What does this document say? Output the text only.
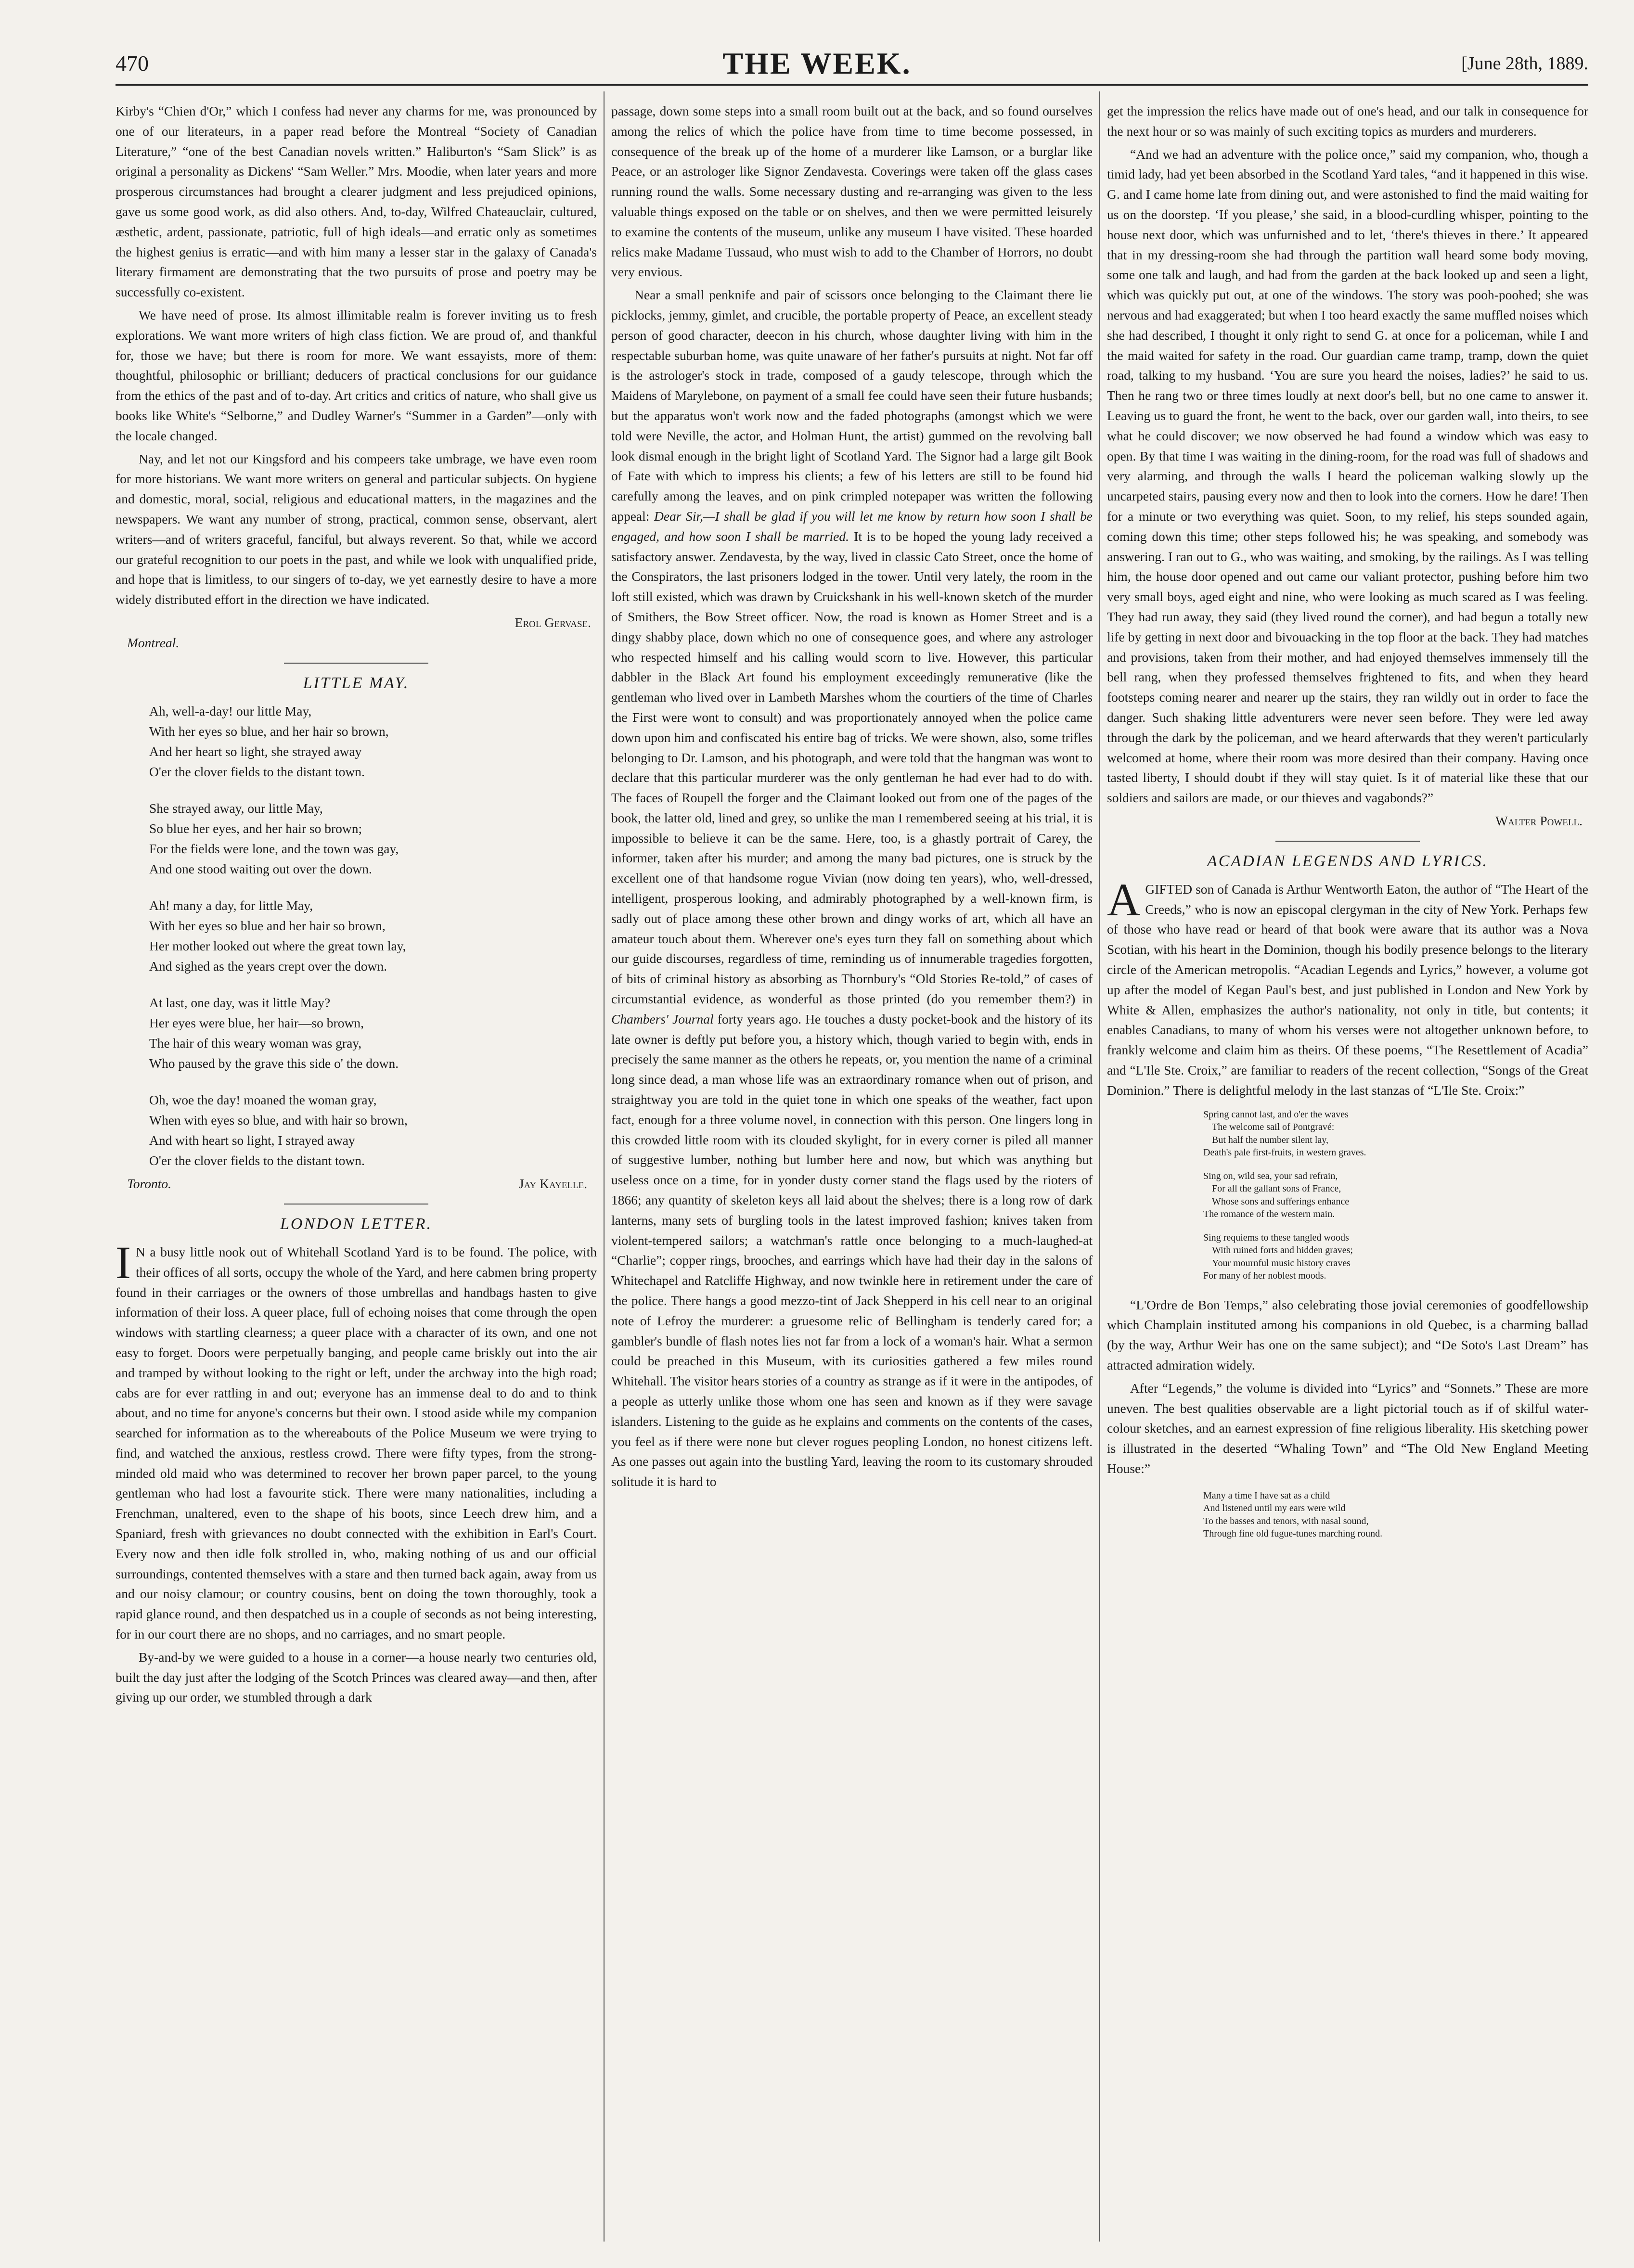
470	THE WEEK.	[June 28th, 1889.

Kirby's “Chien d'Or,” which I confess had never any charms for me, was pronounced by one of our literateurs, in a paper read before the Montreal “Society of Canadian Literature,” “one of the best Canadian novels written.” Haliburton's “Sam Slick” is as original a personality as Dickens' “Sam Weller.” Mrs. Moodie, when later years and more prosperous circumstances had brought a clearer judgment and less prejudiced opinions, gave us some good work, as did also others. And, to-day, Wilfred Chateauclair, cultured, æsthetic, ardent, passionate, patriotic, full of high ideals—and erratic only as sometimes the highest genius is erratic—and with him many a lesser star in the galaxy of Canada's literary firmament are demonstrating that the two pursuits of prose and poetry may be successfully co-existent.

We have need of prose. Its almost illimitable realm is forever inviting us to fresh explorations. We want more writers of high class fiction. We are proud of, and thankful for, those we have; but there is room for more. We want essayists, more of them: thoughtful, philosophic or brilliant; deducers of practical conclusions for our guidance from the ethics of the past and of to-day. Art critics and critics of nature, who shall give us books like White's “Selborne,” and Dudley Warner's “Summer in a Garden”—only with the locale changed.

Nay, and let not our Kingsford and his compeers take umbrage, we have even room for more historians. We want more writers on general and particular subjects. On hygiene and domestic, moral, social, religious and educational matters, in the magazines and the newspapers. We want any number of strong, practical, common sense, observant, alert writers—and of writers graceful, fanciful, but always reverent. So that, while we accord our grateful recognition to our poets in the past, and while we look with unqualified pride, and hope that is limitless, to our singers of to-day, we yet earnestly desire to have a more widely distributed effort in the direction we have indicated.

Erol Gervase.
Montreal.
LITTLE MAY.
Ah, well-a-day! our little May,
With her eyes so blue, and her hair so brown,
And her heart so light, she strayed away
O'er the clover fields to the distant town.
She strayed away, our little May,
So blue her eyes, and her hair so brown;
For the fields were lone, and the town was gay,
And one stood waiting out over the down.
Ah! many a day, for little May,
With her eyes so blue and her hair so brown,
Her mother looked out where the great town lay,
And sighed as the years crept over the down.
At last, one day, was it little May?
Her eyes were blue, her hair—so brown,
The hair of this weary woman was gray,
Who paused by the grave this side o' the down.
Oh, woe the day! moaned the woman gray,
When with eyes so blue, and with hair so brown,
And with heart so light, I strayed away
O'er the clover fields to the distant town.
Toronto.	Jay Kayelle.
LONDON LETTER.

I N a busy little nook out of Whitehall Scotland Yard is to be found. The police, with their offices of all sorts, occupy the whole of the Yard, and here cabmen bring property found in their carriages or the owners of those umbrellas and handbags hasten to give information of their loss. A queer place, full of echoing noises that come through the open windows with startling clearness; a queer place with a character of its own, and one not easy to forget. Doors were perpetually banging, and people came briskly out into the air and tramped by without looking to the right or left, under the archway into the high road; cabs are for ever rattling in and out; everyone has an immense deal to do and to think about, and no time for anyone's concerns but their own. I stood aside while my companion searched for information as to the whereabouts of the Police Museum we were trying to find, and watched the anxious, restless crowd. There were fifty types, from the strong-minded old maid who was determined to recover her brown paper parcel, to the young gentleman who had lost a favourite stick. There were many nationalities, including a Frenchman, unaltered, even to the shape of his boots, since Leech drew him, and a Spaniard, fresh with grievances no doubt connected with the exhibition in Earl's Court. Every now and then idle folk strolled in, who, making nothing of us and our official surroundings, contented themselves with a stare and then turned back again, away from us and our noisy clamour; or country cousins, bent on doing the town thoroughly, took a rapid glance round, and then despatched us in a couple of seconds as not being interesting, for in our court there are no shops, and no carriages, and no smart people.

By-and-by we were guided to a house in a corner—a house nearly two centuries old, built the day just after the lodging of the Scotch Princes was cleared away—and then, after giving up our order, we stumbled through a dark

passage, down some steps into a small room built out at the back, and so found ourselves among the relics of which the police have from time to time become possessed, in consequence of the break up of the home of a murderer like Lamson, or a burglar like Peace, or an astrologer like Signor Zendavesta. Coverings were taken off the glass cases running round the walls. Some necessary dusting and re-arranging was given to the less valuable things exposed on the table or on shelves, and then we were permitted leisurely to examine the contents of the museum, unlike any museum I have visited. These hoarded relics make Madame Tussaud, who must wish to add to the Chamber of Horrors, no doubt very envious.

Near a small penknife and pair of scissors once belonging to the Claimant there lie picklocks, jemmy, gimlet, and crucible, the portable property of Peace, an excellent steady person of good character, deecon in his church, whose daughter living with him in the respectable suburban home, was quite unaware of her father's pursuits at night. Not far off is the astrologer's stock in trade, composed of a gaudy telescope, through which the Maidens of Marylebone, on payment of a small fee could have seen their future husbands; but the apparatus won't work now and the faded photographs (amongst which we were told were Neville, the actor, and Holman Hunt, the artist) gummed on the revolving ball look dismal enough in the bright light of Scotland Yard. The Signor had a large gilt Book of Fate with which to impress his clients; a few of his letters are still to be found hid carefully among the leaves, and on pink crimpled notepaper was written the following appeal: Dear Sir,—I shall be glad if you will let me know by return how soon I shall be engaged, and how soon I shall be married. It is to be hoped the young lady received a satisfactory answer. Zendavesta, by the way, lived in classic Cato Street, once the home of the Conspirators, the last prisoners lodged in the tower. Until very lately, the room in the loft still existed, which was drawn by Cruickshank in his well-known sketch of the murder of Smithers, the Bow Street officer. Now, the road is known as Homer Street and is a dingy shabby place, down which no one of consequence goes, and where any astrologer who respected himself and his calling would scorn to live. However, this particular dabbler in the Black Art found his employment exceedingly remunerative (like the gentleman who lived over in Lambeth Marshes whom the courtiers of the time of Charles the First were wont to consult) and was proportionately annoyed when the police came down upon him and confiscated his entire bag of tricks. We were shown, also, some trifles belonging to Dr. Lamson, and his photograph, and were told that the hangman was wont to declare that this particular murderer was the only gentleman he had ever had to do with. The faces of Roupell the forger and the Claimant looked out from one of the pages of the book, the latter old, lined and grey, so unlike the man I remembered seeing at his trial, it is impossible to believe it can be the same. Here, too, is a ghastly portrait of Carey, the informer, taken after his murder; and among the many bad pictures, one is struck by the excellent one of that handsome rogue Vivian (now doing ten years), who, well-dressed, intelligent, prosperous looking, and admirably photographed by a well-known firm, is sadly out of place among these other brown and dingy works of art, which all have an amateur touch about them. Wherever one's eyes turn they fall on something about which our guide discourses, regardless of time, reminding us of innumerable tragedies forgotten, of bits of criminal history as absorbing as Thornbury's “Old Stories Re-told,” of cases of circumstantial evidence, as wonderful as those printed (do you remember them?) in Chambers' Journal forty years ago. He touches a dusty pocket-book and the history of its late owner is deftly put before you, a history which, though varied to begin with, ends in precisely the same manner as the others he repeats, or, you mention the name of a criminal long since dead, a man whose life was an extraordinary romance when out of prison, and straightway you are told in the quiet tone in which one speaks of the weather, fact upon fact, enough for a three volume novel, in connection with this person. One lingers long in this crowded little room with its clouded skylight, for in every corner is piled all manner of suggestive lumber, nothing but lumber here and now, but which was anything but useless once on a time, for in yonder dusty corner stand the flags used by the rioters of 1866; any quantity of skeleton keys all laid about the shelves; there is a long row of dark lanterns, many sets of burgling tools in the latest improved fashion; knives taken from violent-tempered sailors; a watchman's rattle once belonging to a much-laughed-at “Charlie”; copper rings, brooches, and earrings which have had their day in the salons of Whitechapel and Ratcliffe Highway, and now twinkle here in retirement under the care of the police. There hangs a good mezzo-tint of Jack Shepperd in his cell near to an original note of Lefroy the murderer: a gruesome relic of Bellingham is tenderly cared for; a gambler's bundle of flash notes lies not far from a lock of a woman's hair. What a sermon could be preached in this Museum, with its curiosities gathered a few miles round Whitehall. The visitor hears stories of a country as strange as if it were in the antipodes, of a people as utterly unlike those whom one has seen and known as if they were savage islanders. Listening to the guide as he explains and comments on the contents of the cases, you feel as if there were none but clever rogues peopling London, no honest citizens left. As one passes out again into the bustling Yard, leaving the room to its customary shrouded solitude it is hard to

get the impression the relics have made out of one's head, and our talk in consequence for the next hour or so was mainly of such exciting topics as murders and murderers.

“And we had an adventure with the police once,” said my companion, who, though a timid lady, had yet been absorbed in the Scotland Yard tales, “and it happened in this wise. G. and I came home late from dining out, and were astonished to find the maid waiting for us on the doorstep. ‘If you please,’ she said, in a blood-curdling whisper, pointing to the house next door, which was unfurnished and to let, ‘there's thieves in there.’ It appeared that in my dressing-room she had through the partition wall heard some body moving, some one talk and laugh, and had from the garden at the back looked up and seen a light, which was quickly put out, at one of the windows. The story was pooh-poohed; she was nervous and had exaggerated; but when I too heard exactly the same muffled noises which she had described, I thought it only right to send G. at once for a policeman, while I and the maid waited for safety in the road. Our guardian came tramp, tramp, down the quiet road, talking to my husband. ‘You are sure you heard the noises, ladies?’ he said to us. Then he rang two or three times loudly at next door's bell, but no one came to answer it. Leaving us to guard the front, he went to the back, over our garden wall, into theirs, to see what he could discover; we now observed he had found a window which was easy to open. By that time I was waiting in the dining-room, for the road was full of shadows and very alarming, and through the walls I heard the policeman walking slowly up the uncarpeted stairs, pausing every now and then to look into the corners. How he dare! Then for a minute or two everything was quiet. Soon, to my relief, his steps sounded again, coming down this time; other steps followed his; he was speaking, and somebody was answering. I ran out to G., who was waiting, and smoking, by the railings. As I was telling him, the house door opened and out came our valiant protector, pushing before him two very small boys, aged eight and nine, who were looking as much scared as I was feeling. They had run away, they said (they lived round the corner), and had begun a totally new life by getting in next door and bivouacking in the top floor at the back. They had matches and provisions, taken from their mother, and had enjoyed themselves immensely till the bell rang, when they professed themselves frightened to fits, and when they heard footsteps coming nearer and nearer up the stairs, they ran wildly out in order to face the danger. Such shaking little adventurers were never seen before. They were led away through the dark by the policeman, and we heard afterwards that they weren't particularly welcomed at home, where their room was more desired than their company. Having once tasted liberty, I should doubt if they will stay quiet. Is it of material like these that our soldiers and sailors are made, or our thieves and vagabonds?”

Walter Powell.
ACADIAN LEGENDS AND LYRICS.

AGIFTED son of Canada is Arthur Wentworth Eaton, the author of “The Heart of the Creeds,” who is now an episcopal clergyman in the city of New York. Perhaps few of those who have read or heard of that book were aware that its author was a Nova Scotian, with his heart in the Dominion, though his bodily presence belongs to the literary circle of the American metropolis. “Acadian Legends and Lyrics,” however, a volume got up after the model of Kegan Paul's best, and just published in London and New York by White & Allen, emphasizes the author's nationality, not only in title, but contents; it enables Canadians, to many of whom his verses were not altogether unknown before, to frankly welcome and claim him as theirs. Of these poems, “The Resettlement of Acadia” and “L'Ile Ste. Croix,” are familiar to readers of the recent collection, “Songs of the Great Dominion.” There is delightful melody in the last stanzas of “L'Ile Ste. Croix:”

Spring cannot last, and o'er the waves
The welcome sail of Pontgravé:
But half the number silent lay,
Death's pale first-fruits, in western graves.
Sing on, wild sea, your sad refrain,
For all the gallant sons of France,
Whose sons and sufferings enhance
The romance of the western main.
Sing requiems to these tangled woods
With ruined forts and hidden graves;
Your mournful music history craves
For many of her noblest moods.

“L'Ordre de Bon Temps,” also celebrating those jovial ceremonies of goodfellowship which Champlain instituted among his companions in old Quebec, is a charming ballad (by the way, Arthur Weir has one on the same subject); and “De Soto's Last Dream” has attracted admiration widely.

After “Legends,” the volume is divided into “Lyrics” and “Sonnets.” These are more uneven. The best qualities observable are a light pictorial touch as if of skilful water-colour sketches, and an earnest expression of fine religious liberality. His sketching power is illustrated in the deserted “Whaling Town” and “The Old New England Meeting House:”

Many a time I have sat as a child
And listened until my ears were wild
To the basses and tenors, with nasal sound,
Through fine old fugue-tunes marching round.
